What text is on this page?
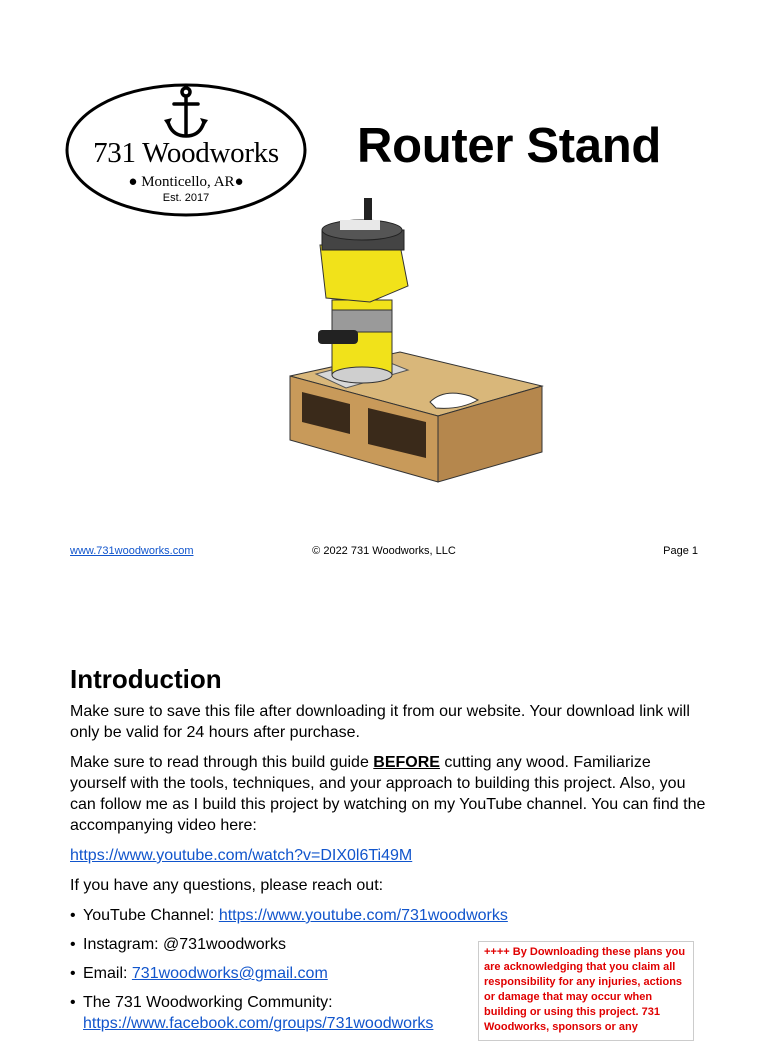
731 Woodworks
● Monticello, AR●
Est. 2017
Router Stand
www.731woodworks.com	© 2022 731 Woodworks, LLC	Page 1
Introduction

Make sure to save this file after downloading it from our website. Your download link will only be valid for 24 hours after purchase.

Make sure to read through this build guide BEFORE cutting any wood. Familiarize yourself with the tools, techniques, and your approach to building this project. Also, you can follow me as I build this project by watching on my YouTube channel. You can find the accompanying video here:

https://www.youtube.com/watch?v=DIX0l6Ti49M

If you have any questions, please reach out:

• YouTube Channel: https://www.youtube.com/731woodworks
• Instagram: @731woodworks
• Email: 731woodworks@gmail.com
• The 731 Woodworking Community:
https://www.facebook.com/groups/731woodworks
++++ By Downloading these plans you are acknowledging that you claim all responsibility for any injuries, actions or damage that may occur when building or using this project. 731 Woodworks, sponsors or any
